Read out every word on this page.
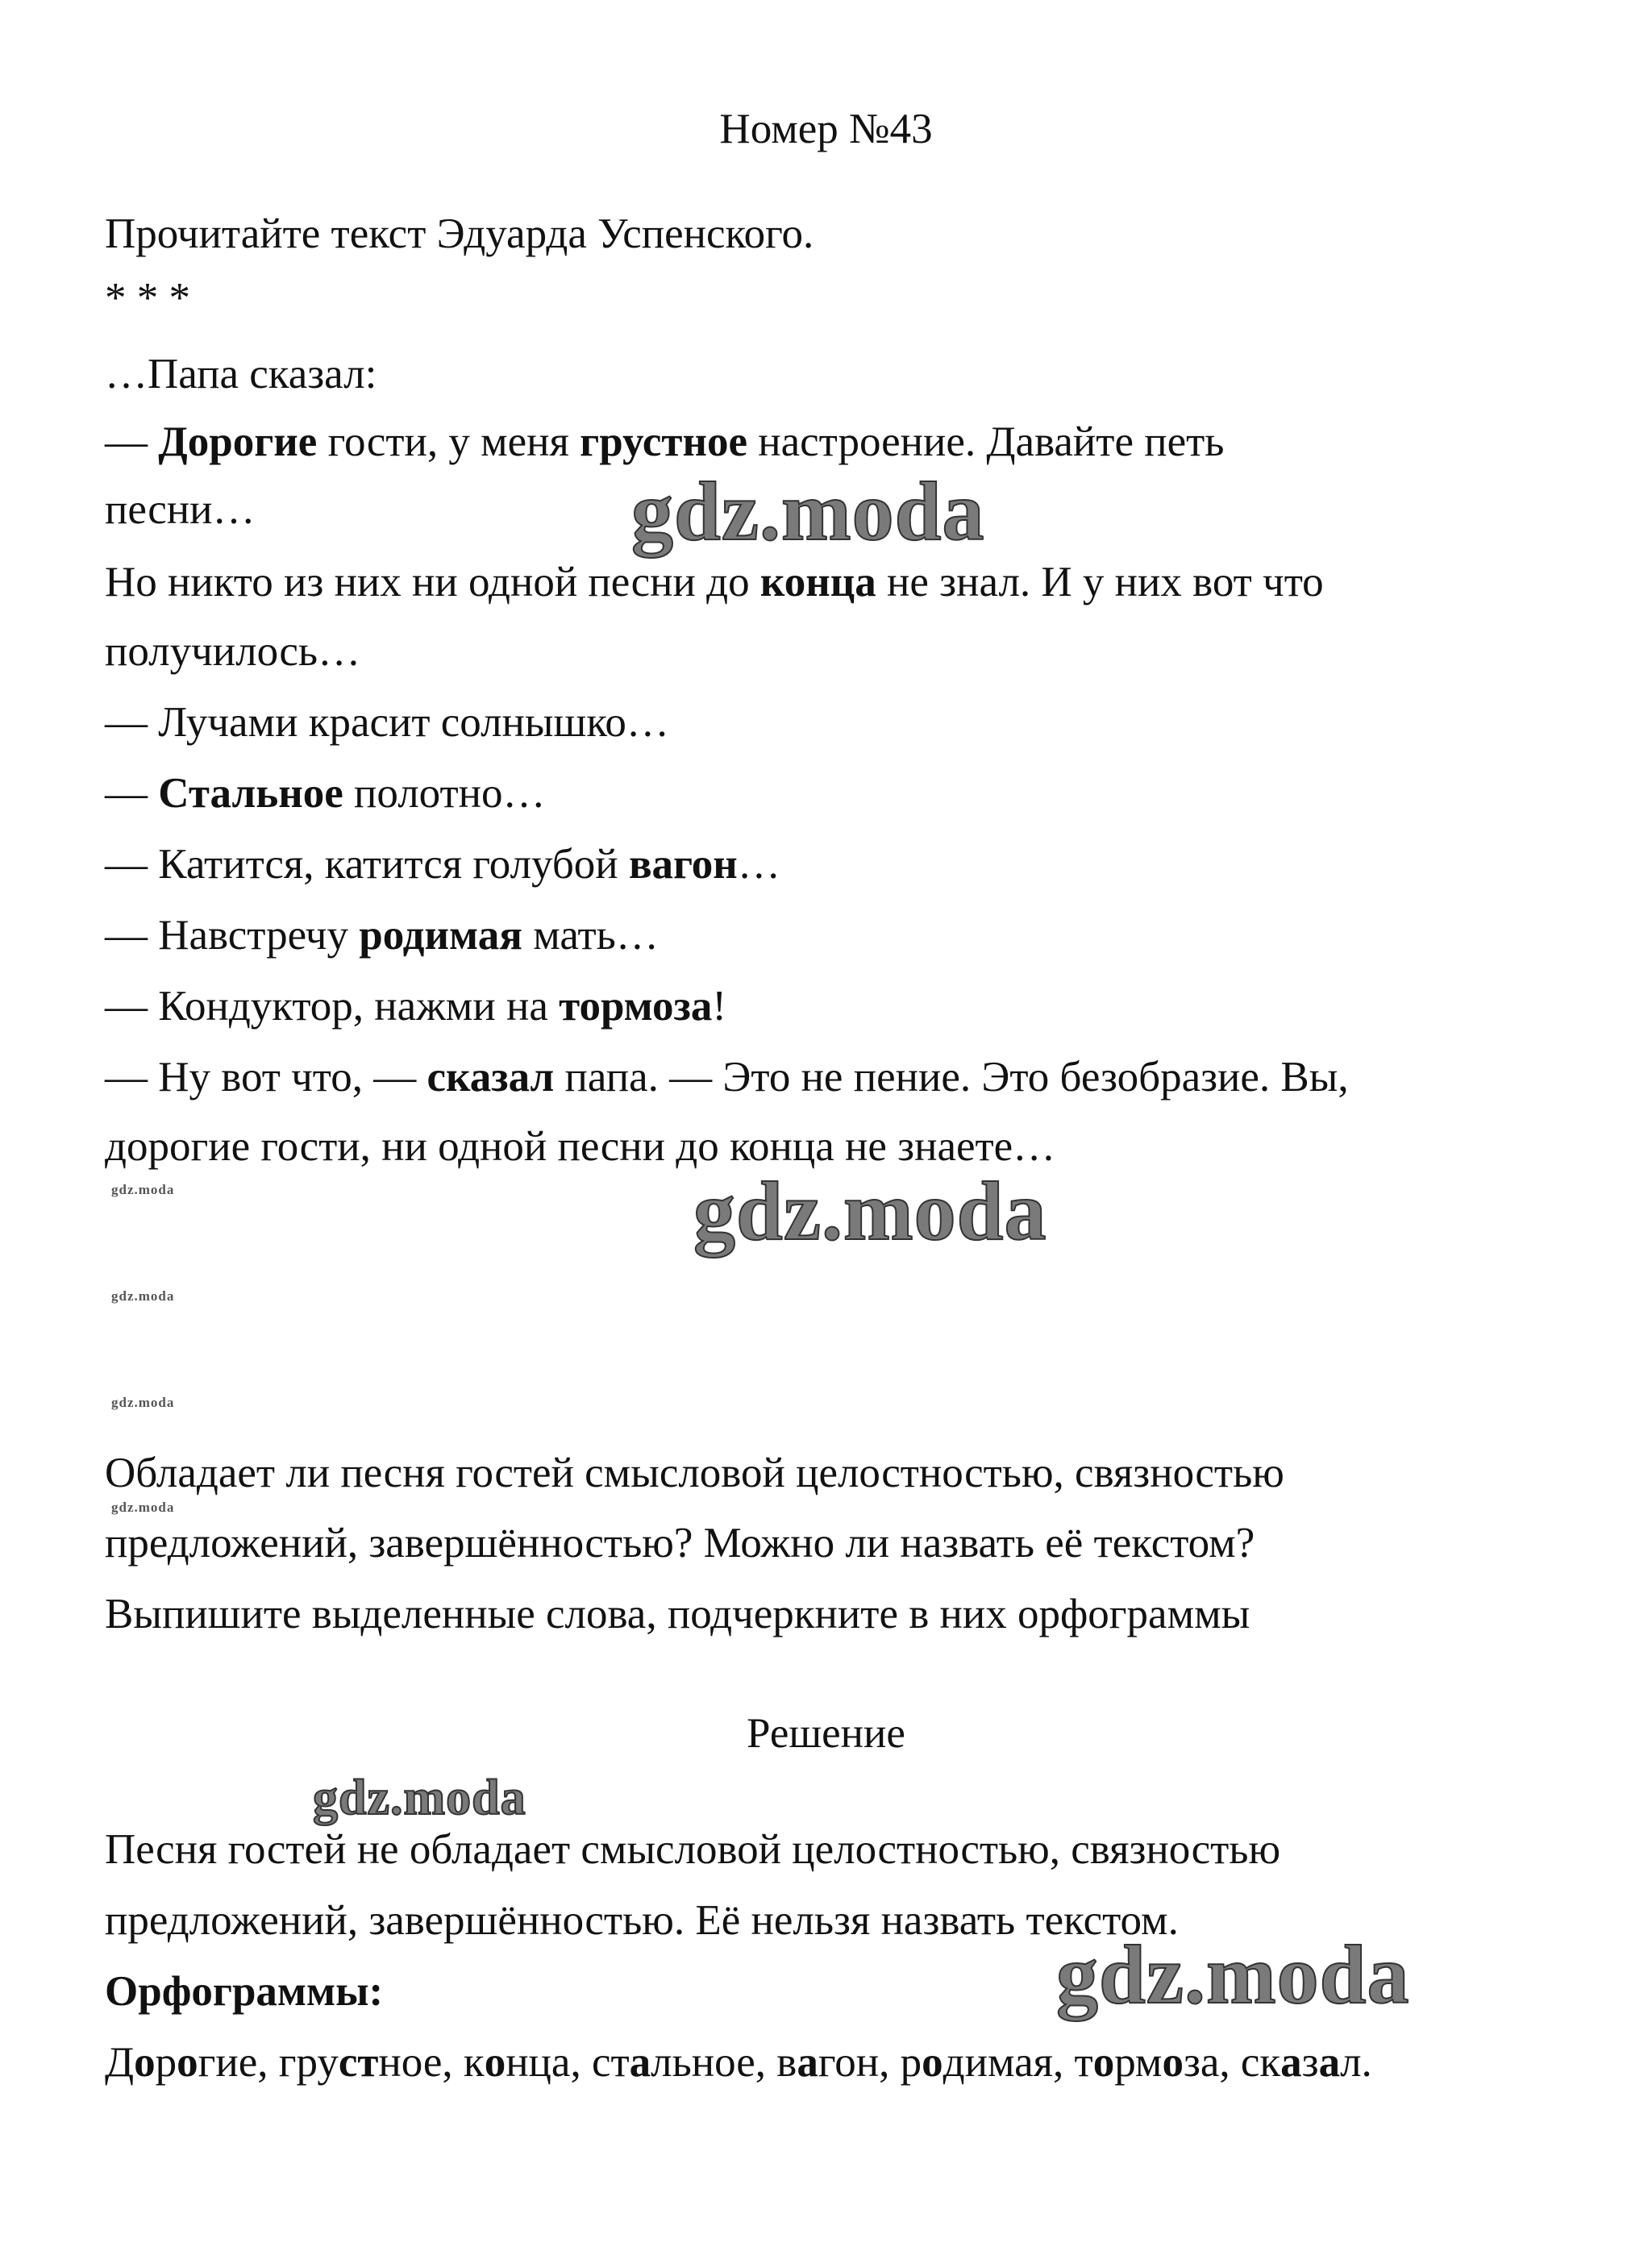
Номер №43
Прочитайте текст Эдуарда Успенского.
* * *
…Папа сказал:
— Дорогие гости, у меня грустное настроение. Давайте петь
песни…
Но никто из них ни одной песни до конца не знал. И у них вот что
получилось…
— Лучами красит солнышко…
— Стальное полотно…
— Катится, катится голубой вагон…
— Навстречу родимая мать…
— Кондуктор, нажми на тормоза!
— Ну вот что, — сказал папа. — Это не пение. Это безобразие. Вы,
дорогие гости, ни одной песни до конца не знаете…
Обладает ли песня гостей смысловой целостностью, связностью
предложений, завершённостью? Можно ли назвать её текстом?
Выпишите выделенные слова, подчеркните в них орфограммы
Решение
Песня гостей не обладает смысловой целостностью, связностью
предложений, завершённостью. Её нельзя назвать текстом.
Орфограммы:
Дорогие, грустное, конца, стальное, вагон, родимая, тормоза, сказал.
gdz.moda
gdz.moda
gdz.moda
gdz.moda
gdz.moda
gdz.moda
gdz.moda
gdz.moda
